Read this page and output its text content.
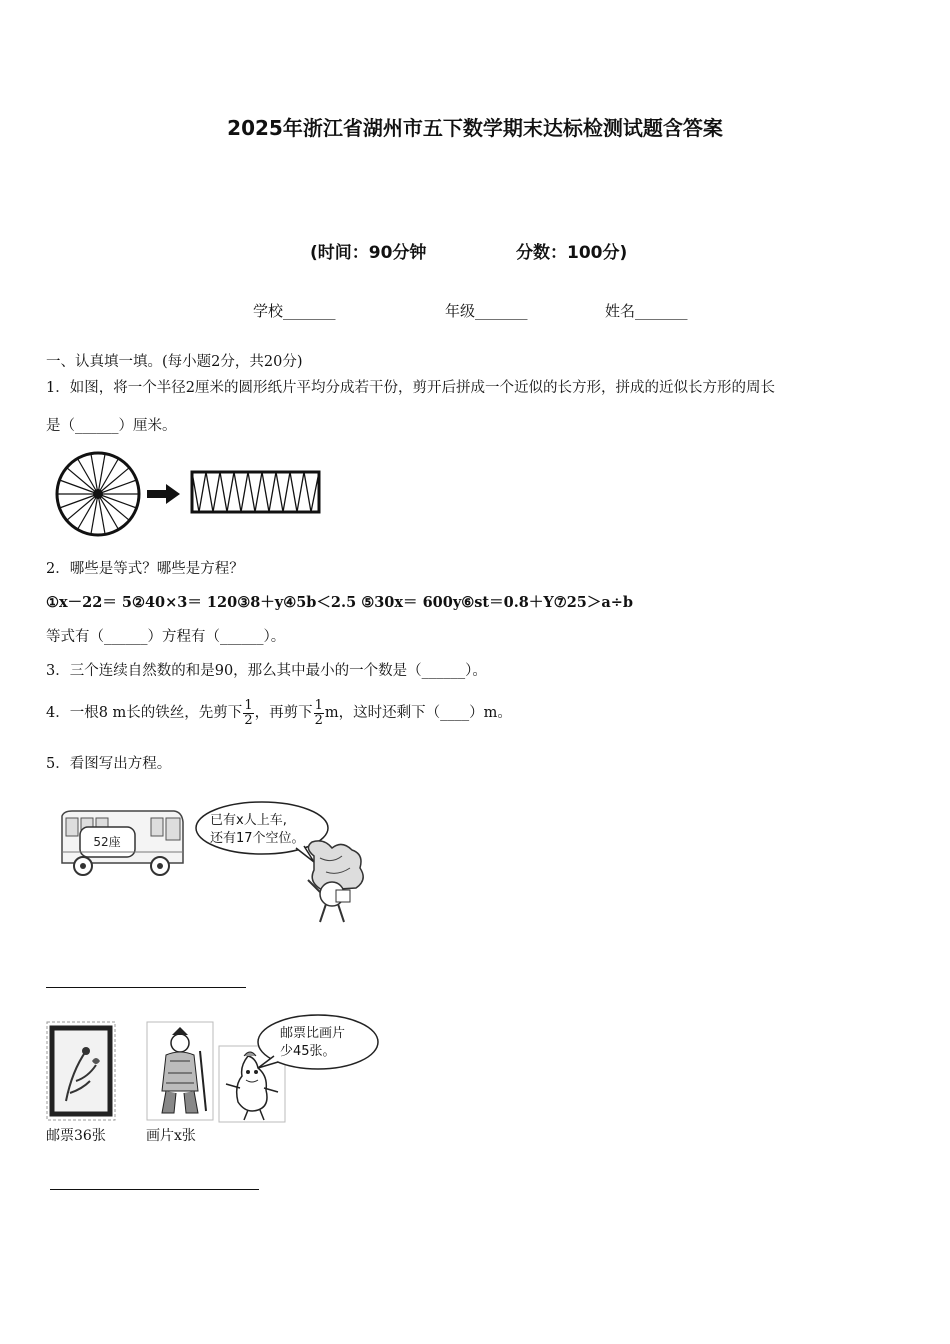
2025年浙江省湖州市五下数学期末达标检测试题含答案
(时间：90分钟	分数：100分)
学校_______	年级_______	姓名_______
一、认真填一填。(每小题2分，共20分)
1．如图，将一个半径2厘米的圆形纸片平均分成若干份，剪开后拼成一个近似的长方形，拼成的近似长方形的周长
是（______）厘米。
2．哪些是等式？哪些是方程？
①x－22＝ 5②40×3＝ 120③8＋y④5b＜2.5 ⑤30x＝ 600y⑥st＝0.8＋Y⑦25＞a÷b
等式有（______）方程有（______）。
3．三个连续自然数的和是90，那么其中最小的一个数是（______）。
4．一根8 m长的铁丝，先剪下 $\frac{1}{2}$ ，再剪下 $\frac{1}{2}$ m，这时还剩下（____）m。
5．看图写出方程。
52座
已有x人上车,
还有17个空位。
邮票比画片
少45张。
邮票36张	画片x张
